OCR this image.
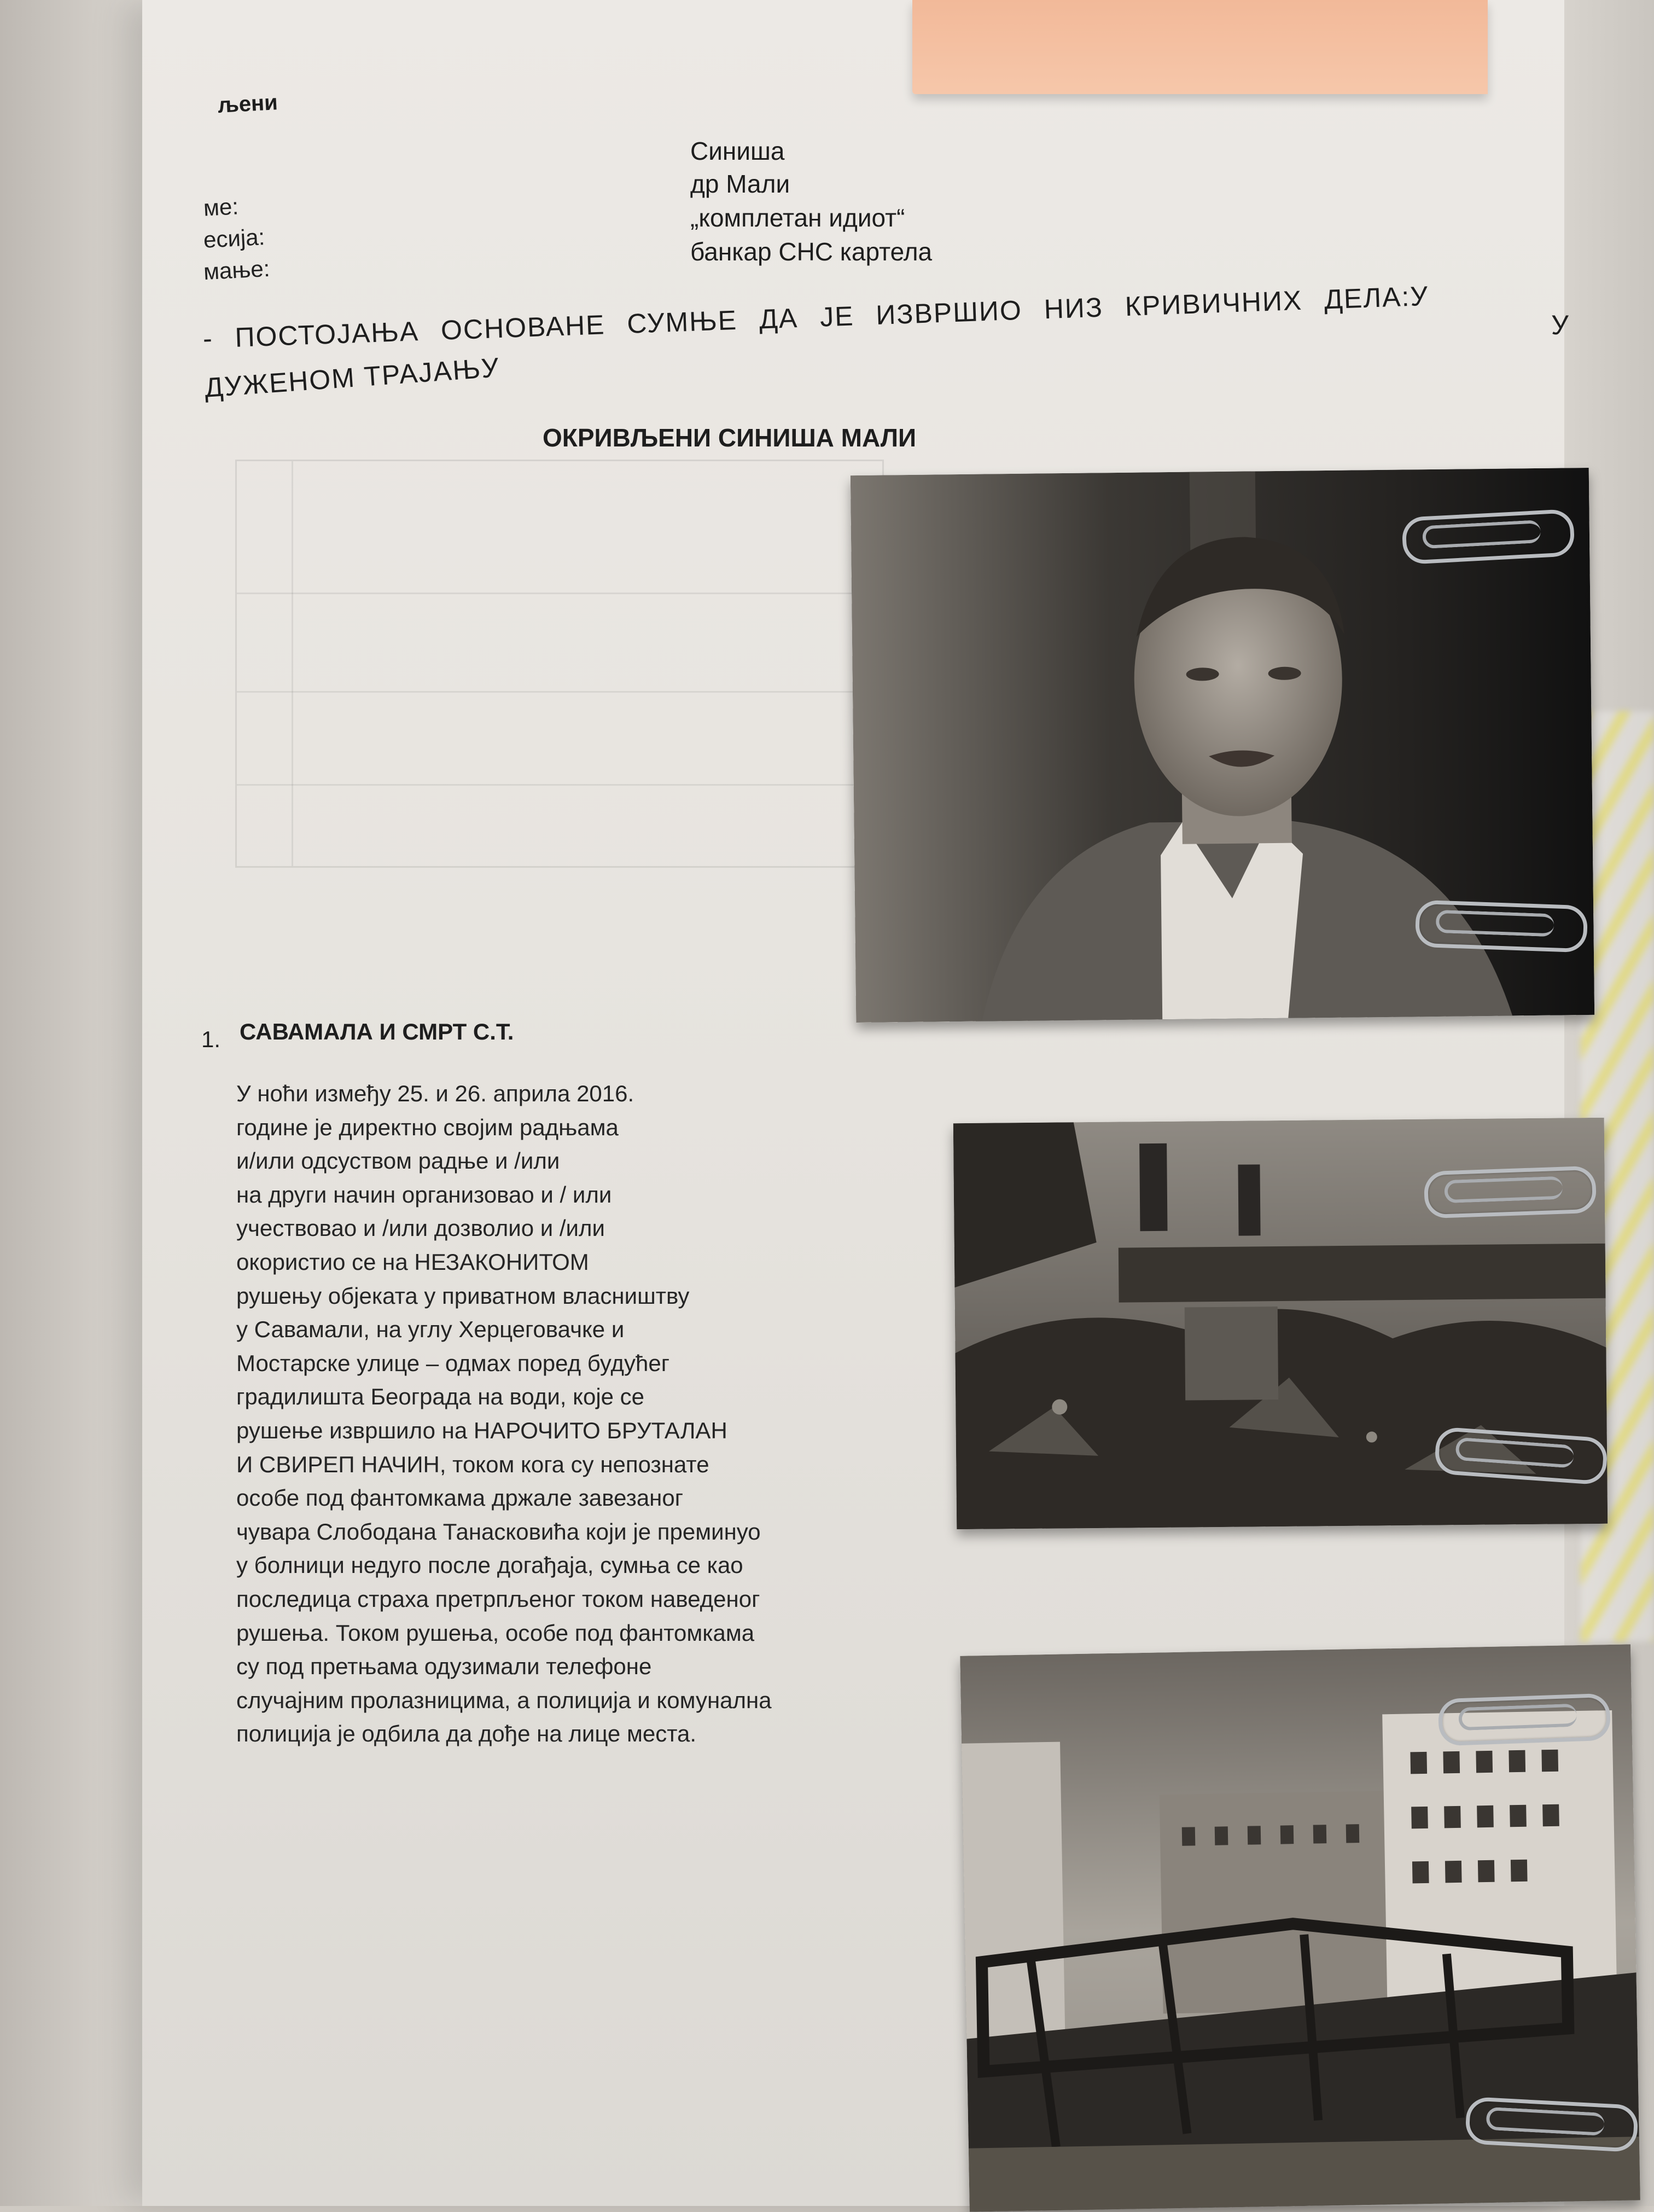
љени
ме:
есија:
мање:
Синиша
др Мали
„комплетан идиот“
банкар СНС картела
- ПОСТОЈАЊА ОСНОВАНЕ СУМЊЕ ДА ЈЕ ИЗВРШИО НИЗ КРИВИЧНИХ ДЕЛА:У
ДУЖЕНОМ ТРАЈАЊУ
У
ОКРИВЉЕНИ СИНИША МАЛИ
1. САВАМАЛА И СМРТ С.Т.
У ноћи између 25. и 26. априла 2016.
године је директно својим радњама
и/или одсуством радње и /или
на други начин организовао и / или
учествовао и /или дозволио и /или
окористио се на НЕЗАКОНИТОМ
рушењу објеката у приватном власништву
у Савамали, на углу Херцеговачке и
Мостарске улице – одмах поред будућег
градилишта Београда на води, које се
рушење извршило на НАРОЧИТО БРУТАЛАН
И СВИРЕП НАЧИН, током кога су непознате
особе под фантомкама држале завезаног
чувара Слободана Танасковића који је преминуо
у болници недуго после догађаја, сумња се као
последица страха претрпљеног током наведеног
рушења. Током рушења, особе под фантомкама
су под претњама одузимали телефоне
случајним пролазницима, а полиција и комунална
полиција је одбила да дође на лице места.
